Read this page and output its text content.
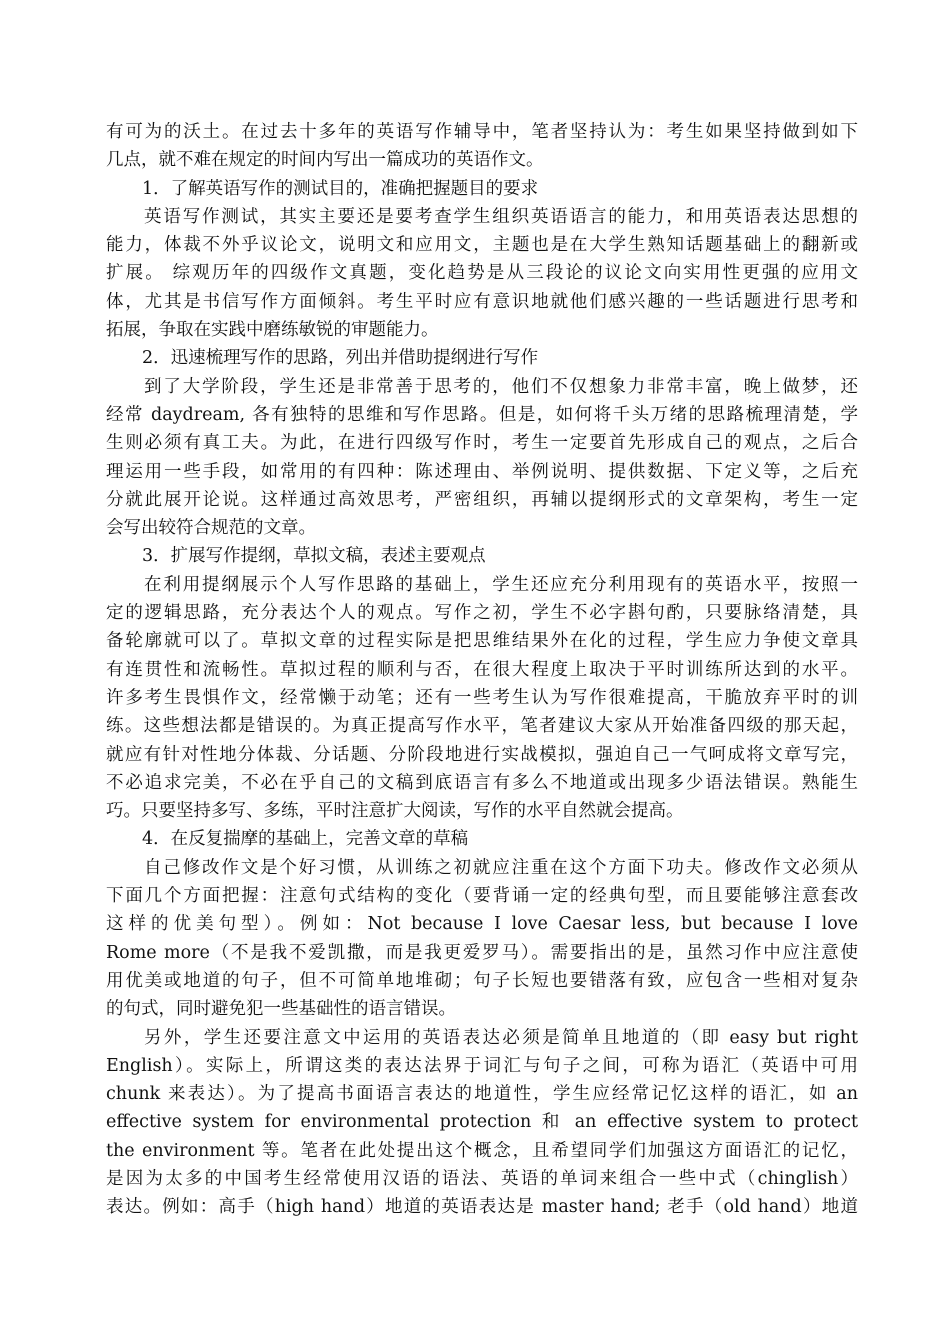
有可为的沃土。在过去十多年的英语写作辅导中，笔者坚持认为：考生如果坚持做到如下
几点，就不难在规定的时间内写出一篇成功的英语作文。
1．了解英语写作的测试目的，准确把握题目的要求
英语写作测试，其实主要还是要考查学生组织英语语言的能力，和用英语表达思想的
能力，体裁不外乎议论文，说明文和应用文，主题也是在大学生熟知话题基础上的翻新或
扩展。 综观历年的四级作文真题，变化趋势是从三段论的议论文向实用性更强的应用文
体，尤其是书信写作方面倾斜。考生平时应有意识地就他们感兴趣的一些话题进行思考和
拓展，争取在实践中磨练敏锐的审题能力。
2．迅速梳理写作的思路，列出并借助提纲进行写作
到了大学阶段，学生还是非常善于思考的，他们不仅想象力非常丰富，晚上做梦，还
经常 daydream, 各有独特的思维和写作思路。但是，如何将千头万绪的思路梳理清楚，学
生则必须有真工夫。为此，在进行四级写作时，考生一定要首先形成自己的观点，之后合
理运用一些手段，如常用的有四种：陈述理由、举例说明、提供数据、下定义等，之后充
分就此展开论说。这样通过高效思考，严密组织，再辅以提纲形式的文章架构，考生一定
会写出较符合规范的文章。
3．扩展写作提纲，草拟文稿，表述主要观点
在利用提纲展示个人写作思路的基础上，学生还应充分利用现有的英语水平，按照一
定的逻辑思路，充分表达个人的观点。写作之初，学生不必字斟句酌，只要脉络清楚，具
备轮廓就可以了。草拟文章的过程实际是把思维结果外在化的过程，学生应力争使文章具
有连贯性和流畅性。草拟过程的顺利与否，在很大程度上取决于平时训练所达到的水平。
许多考生畏惧作文，经常懒于动笔；还有一些考生认为写作很难提高，干脆放弃平时的训
练。这些想法都是错误的。为真正提高写作水平，笔者建议大家从开始准备四级的那天起，
就应有针对性地分体裁、分话题、分阶段地进行实战模拟，强迫自己一气呵成将文章写完，
不必追求完美，不必在乎自己的文稿到底语言有多么不地道或出现多少语法错误。熟能生
巧。只要坚持多写、多练，平时注意扩大阅读，写作的水平自然就会提高。
4．在反复揣摩的基础上，完善文章的草稿
自己修改作文是个好习惯，从训练之初就应注重在这个方面下功夫。修改作文必须从
下面几个方面把握：注意句式结构的变化（要背诵一定的经典句型，而且要能够注意套改
这样的优美句型）。例如：Not because I love Caesar less, but because I love
Rome more（不是我不爱凯撒，而是我更爱罗马）。需要指出的是，虽然习作中应注意使
用优美或地道的句子，但不可简单地堆砌；句子长短也要错落有致，应包含一些相对复杂
的句式，同时避免犯一些基础性的语言错误。
另外，学生还要注意文中运用的英语表达必须是简单且地道的（即 easy but right
English）。实际上，所谓这类的表达法界于词汇与句子之间，可称为语汇（英语中可用
chunk 来表达）。为了提高书面语言表达的地道性，学生应经常记忆这样的语汇，如 an
effective system for environmental protection 和 an effective system to protect
the environment 等。笔者在此处提出这个概念，且希望同学们加强这方面语汇的记忆，
是因为太多的中国考生经常使用汉语的语法、英语的单词来组合一些中式（chinglish）
表达。例如：高手（high hand）地道的英语表达是 master hand; 老手（old hand）地道
